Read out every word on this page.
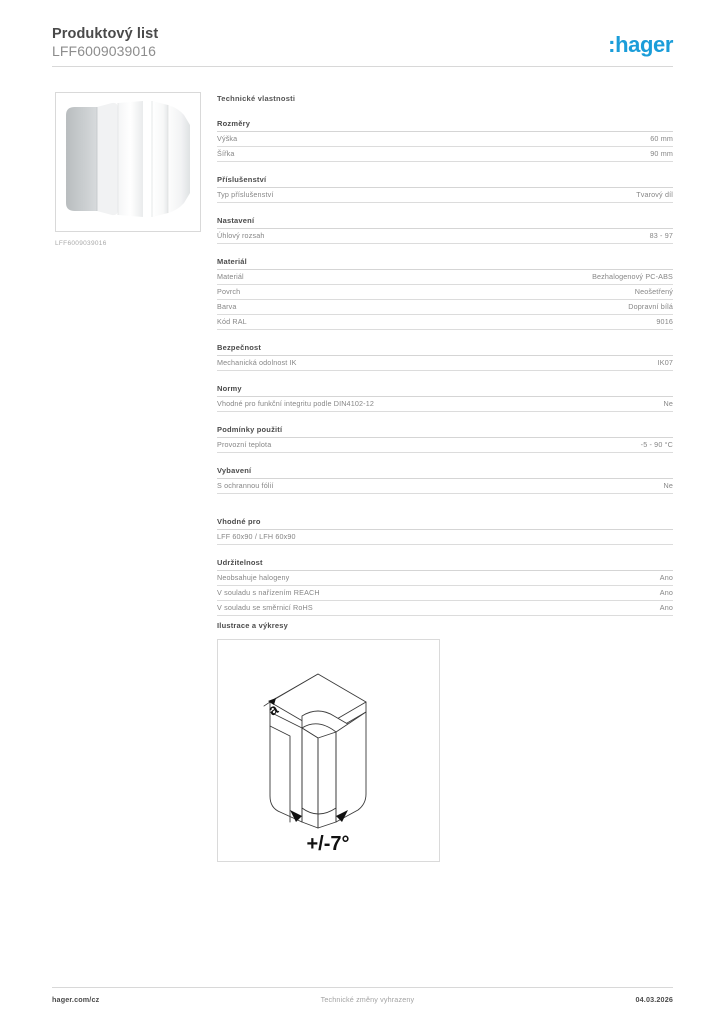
Produktový list
LFF6009039016	:hager
LFF6009039016
Technické vlastnosti
Rozměry
Výška	60 mm
Šířka	90 mm
Příslušenství
Typ příslušenství	Tvarový díl
Nastavení
Úhlový rozsah	83 - 97
Materiál
Materiál	Bezhalogenový PC-ABS
Povrch	Neošetřený
Barva	Dopravní bílá
Kód RAL	9016
Bezpečnost
Mechanická odolnost IK	IK07
Normy
Vhodné pro funkční integritu podle DIN4102-12	Ne
Podmínky použití
Provozní teplota	-5 - 90 °C
Vybavení
S ochrannou fólií	Ne
Vhodné pro
LFF 60x90 / LFH 60x90
Udržitelnost
Neobsahuje halogeny	Ano
V souladu s nařízením REACH	Ano
V souladu se směrnicí RoHS	Ano
Ilustrace a výkresy
a
+/-7°
hager.com/cz	Technické změny vyhrazeny	04.03.2026
